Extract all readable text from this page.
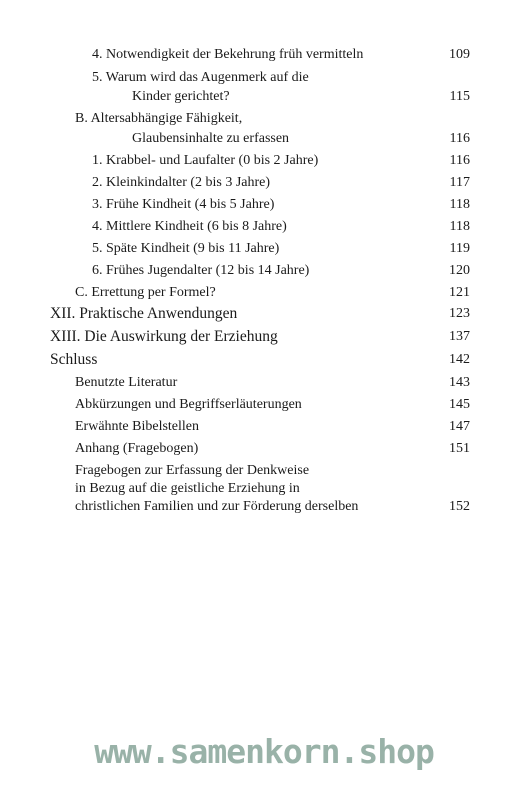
4. Notwendigkeit der Bekehrung früh vermitteln	109
5. Warum wird das Augenmerk auf die
Kinder gerichtet?	115
B. Altersabhängige Fähigkeit,
Glaubensinhalte zu erfassen	116
1. Krabbel- und Laufalter (0 bis 2 Jahre)	116
2. Kleinkindalter (2 bis 3 Jahre)	117
3. Frühe Kindheit (4 bis 5 Jahre)	118
4. Mittlere Kindheit (6 bis 8 Jahre)	118
5. Späte Kindheit (9 bis 11 Jahre)	119
6. Frühes Jugendalter (12 bis 14 Jahre)	120
C. Errettung per Formel?	121
XII. Praktische Anwendungen	123
XIII. Die Auswirkung der Erziehung	137
Schluss	142
Benutzte Literatur	143
Abkürzungen und Begriffserläuterungen	145
Erwähnte Bibelstellen	147
Anhang (Fragebogen)	151
Fragebogen zur Erfassung der Denkweise
in Bezug auf die geistliche Erziehung in
christlichen Familien und zur Förderung derselben	152
www.samenkorn.shop
